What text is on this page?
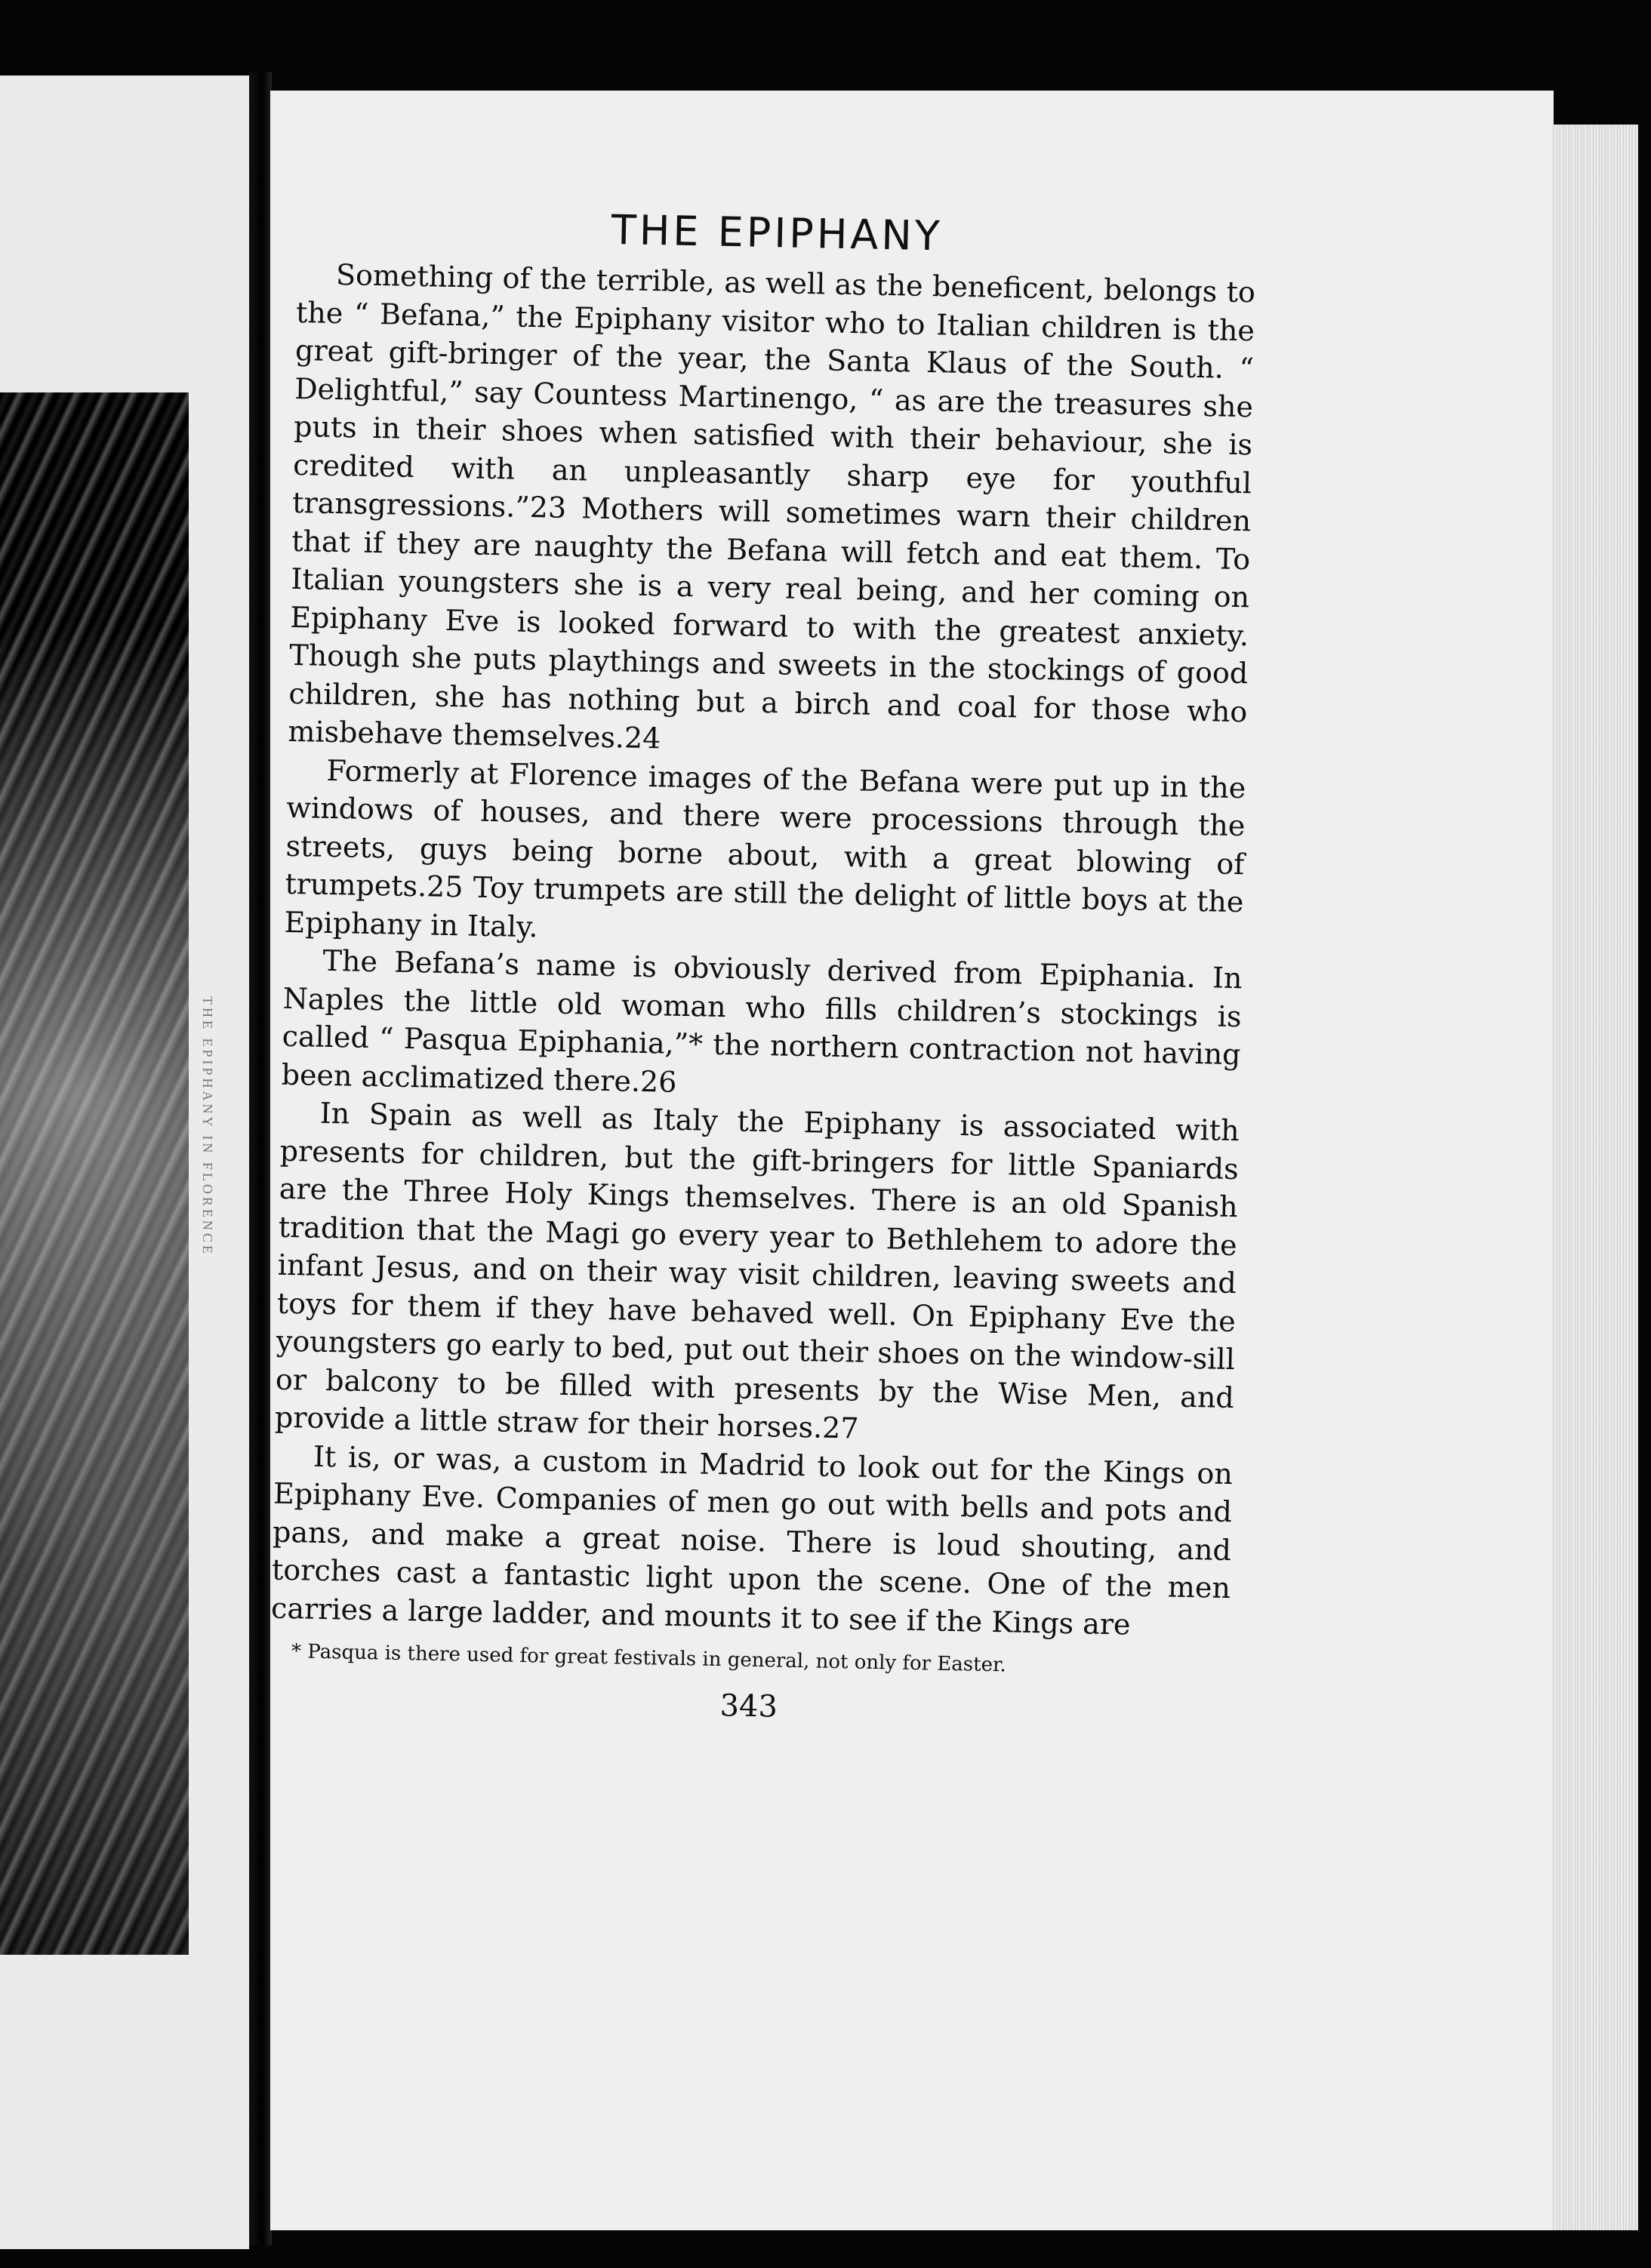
THE EPIPHANY IN FLORENCE
THE EPIPHANY

Something of the terrible, as well as the beneficent, belongs to the “ Befana,” the Epiphany visitor who to Italian children is the great gift-bringer of the year, the Santa Klaus of the South. “ Delightful,” say Countess Martinengo, “ as are the treasures she puts in their shoes when satisfied with their behaviour, she is credited with an unpleasantly sharp eye for youthful transgressions.”23 Mothers will sometimes warn their children that if they are naughty the Befana will fetch and eat them. To Italian youngsters she is a very real being, and her coming on Epiphany Eve is looked forward to with the greatest anxiety. Though she puts playthings and sweets in the stockings of good children, she has nothing but a birch and coal for those who misbehave themselves.24

Formerly at Florence images of the Befana were put up in the windows of houses, and there were processions through the streets, guys being borne about, with a great blowing of trumpets.25 Toy trumpets are still the delight of little boys at the Epiphany in Italy.

The Befana’s name is obviously derived from Epiphania. In Naples the little old woman who fills children’s stockings is called “ Pasqua Epiphania,”* the northern contraction not having been acclimatized there.26

In Spain as well as Italy the Epiphany is associated with presents for children, but the gift-bringers for little Spaniards are the Three Holy Kings themselves. There is an old Spanish tradition that the Magi go every year to Bethlehem to adore the infant Jesus, and on their way visit children, leaving sweets and toys for them if they have behaved well. On Epiphany Eve the youngsters go early to bed, put out their shoes on the window-sill or balcony to be filled with presents by the Wise Men, and provide a little straw for their horses.27

It is, or was, a custom in Madrid to look out for the Kings on Epiphany Eve. Companies of men go out with bells and pots and pans, and make a great noise. There is loud shouting, and torches cast a fantastic light upon the scene. One of the men carries a large ladder, and mounts it to see if the Kings are

* Pasqua is there used for great festivals in general, not only for Easter.

343
